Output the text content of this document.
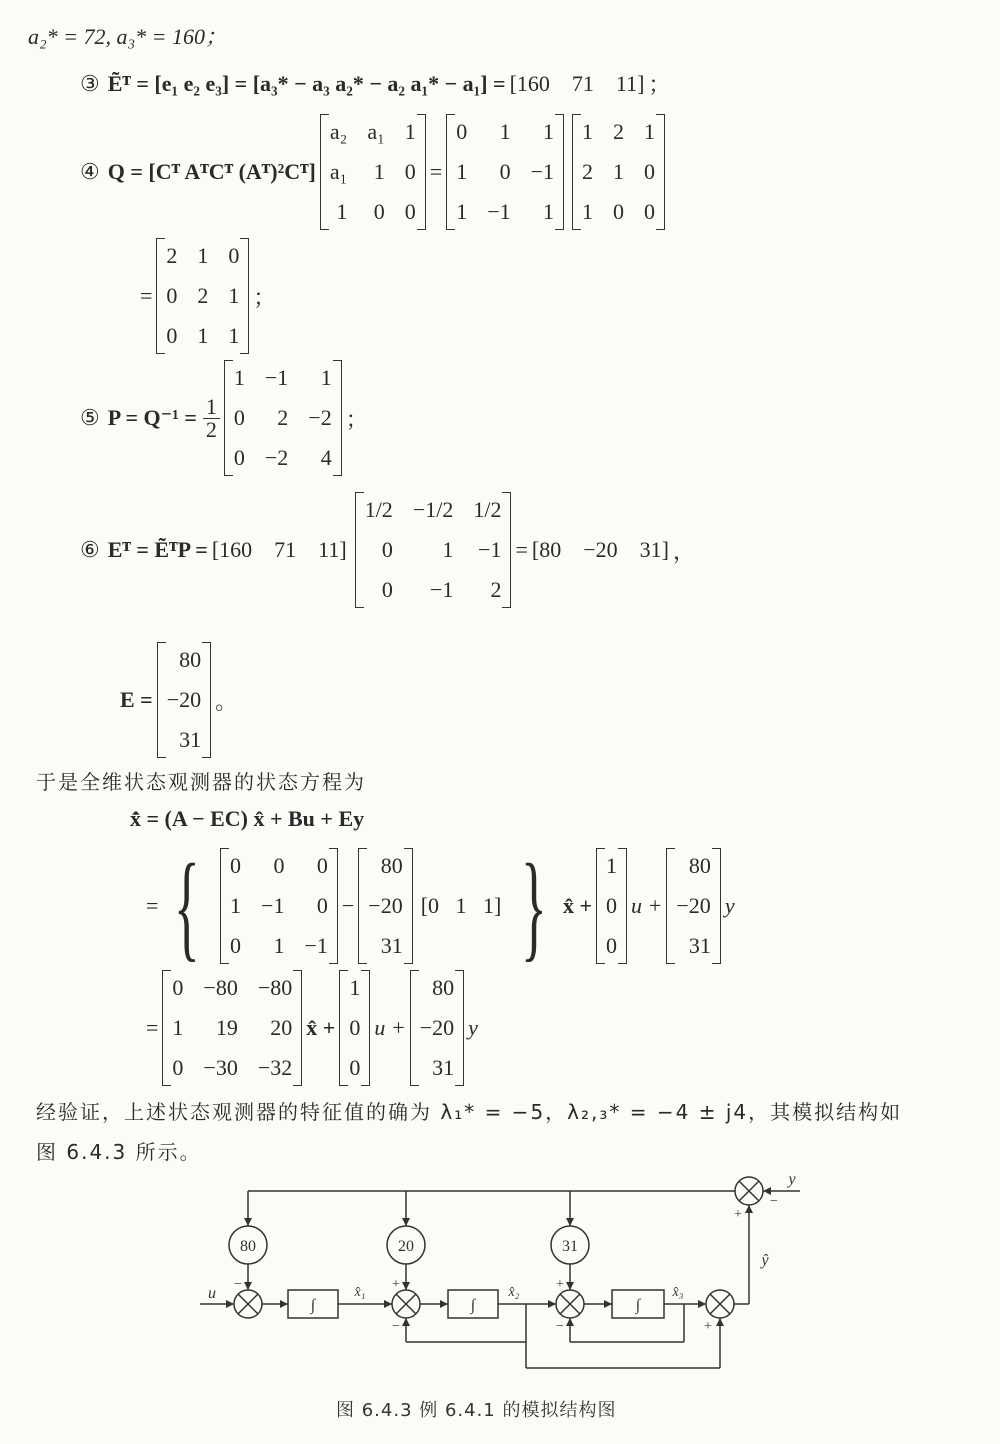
a₂* = 72, a₃* = 160；
③ Ẽᵀ = [e₁ e₂ e₃] = [a₃* − a₃ a₂* − a₂ a₁* − a₁] = [160 71 11] ；
④ Q = [Cᵀ AᵀCᵀ (Aᵀ)²Cᵀ]
a₂ a₁ 1
a₁	1 0
1	0 0
=
0	1	1
1	0 −1
1 −1	1
1 2 1
2 1 0
1 0 0
=
2 1 0
0 2 1
0 1 1
；
⑤ $P = Q^{-1} = \frac{1}{2}$
1 −1	1
0	2 −2
0 −2	4
；
⑥ Eᵀ = ẼᵀP = [160 71 11]
1/2 −1/2 1/2
0	1	−1
0	−1	2
= [80 −20 31] ，
E =
80
−20
31
。
于是全维状态观测器的状态方程为
x̂̇ = (A − EC) x̂ + Bu + Ey
= {	0	0	0
1 −1	0
0	1 −1
−
80
−20
31
[0 1 1] } x̂ +
1
0
0
u +
80
−20
31
y
=
0 −80 −80
1	19	20
0 −30 −32
x̂ +
1
0
0
u +
80
−20
31
y
经验证，上述状态观测器的特征值的确为 λ₁* = −5，λ₂,₃* = −4 ± j4，其模拟结构如
图 6.4.3 所示。
80	20	31
∫	∫	∫
u
y
ŷ
x̂₁	x̂₂	x̂₃
−	+	+
−	−	+
+
−
图 6.4.3 例 6.4.1 的模拟结构图
